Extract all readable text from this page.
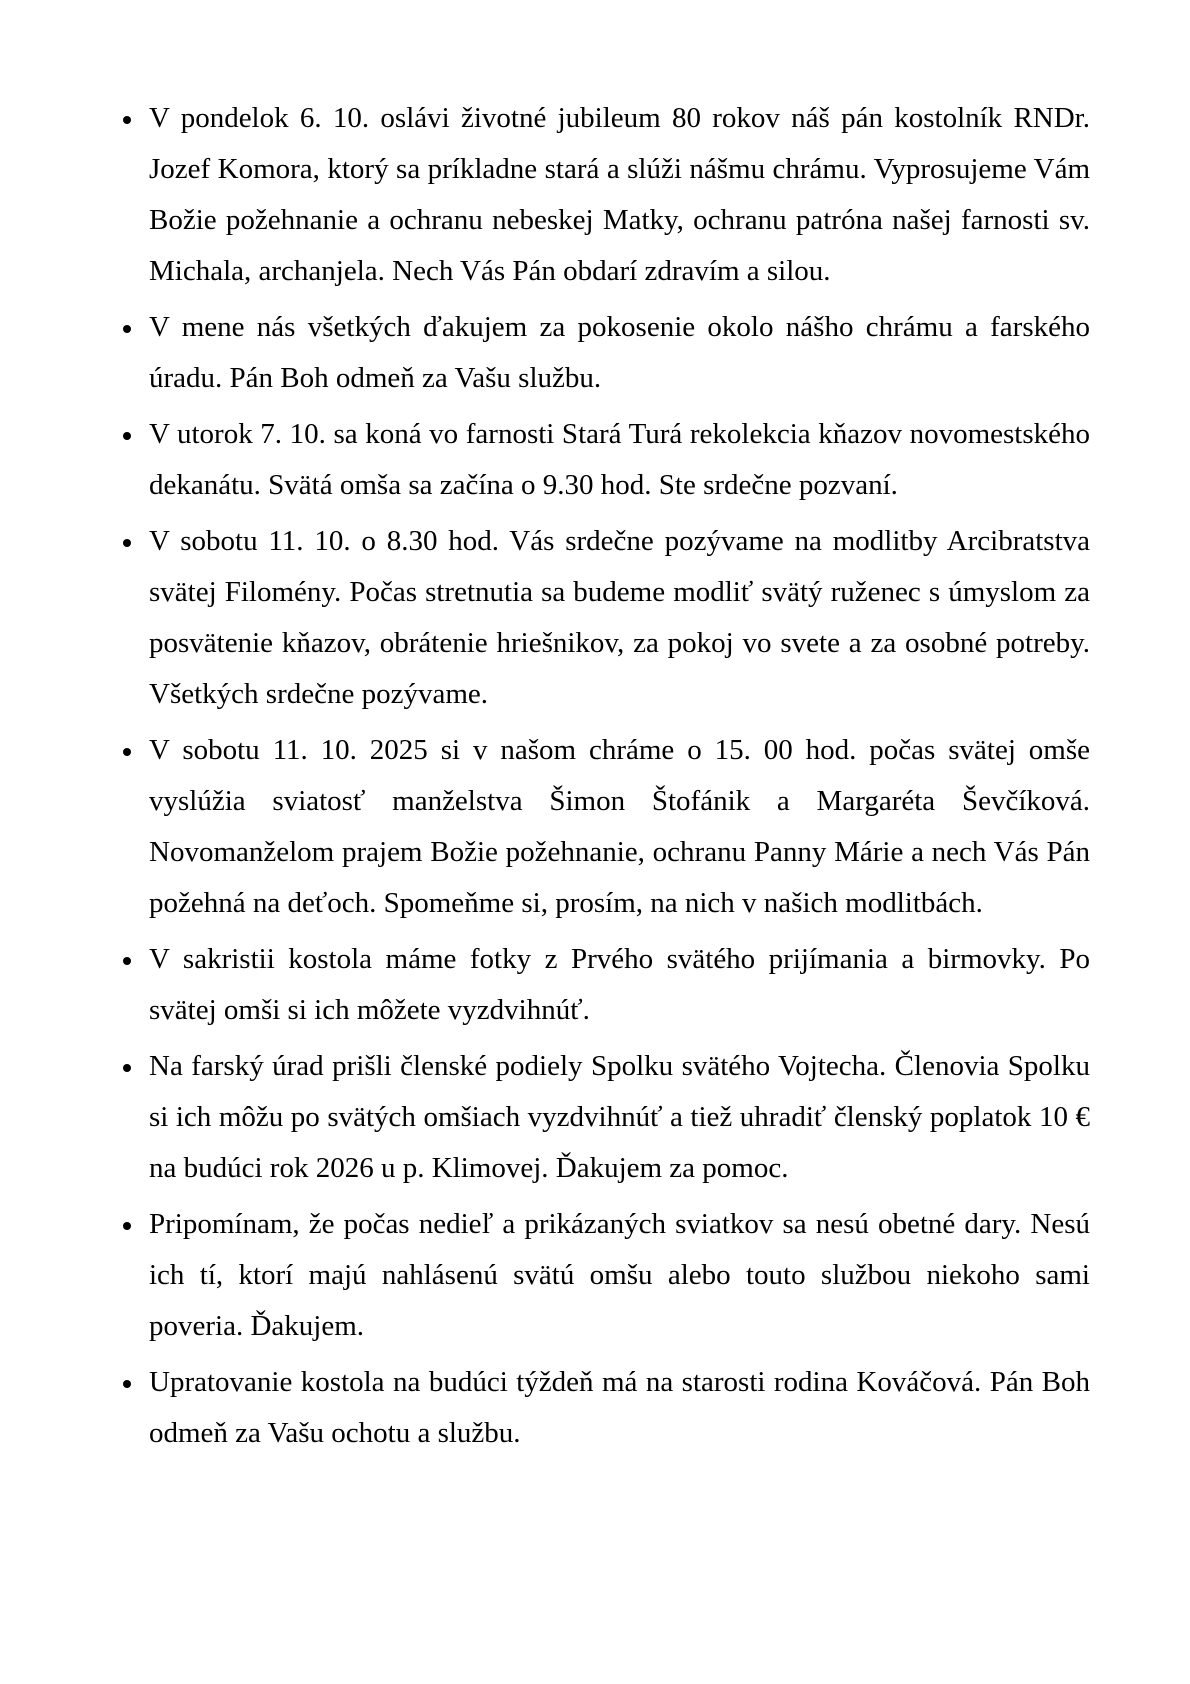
• V pondelok 6. 10. oslávi životné jubileum 80 rokov náš pán kostolník RNDr. Jozef Komora, ktorý sa príkladne stará a slúži nášmu chrámu. Vyprosujeme Vám Božie požehnanie a ochranu nebeskej Matky, ochranu patróna našej farnosti sv. Michala, archanjela. Nech Vás Pán obdarí zdravím a silou.
• V mene nás všetkých ďakujem za pokosenie okolo nášho chrámu a farského úradu. Pán Boh odmeň za Vašu službu.
• V utorok 7. 10. sa koná vo farnosti Stará Turá rekolekcia kňazov novomestského dekanátu. Svätá omša sa začína o 9.30 hod. Ste srdečne pozvaní.
• V sobotu 11. 10. o 8.30 hod. Vás srdečne pozývame na modlitby Arcibratstva svätej Filomény. Počas stretnutia sa budeme modliť svätý ruženec s úmyslom za posvätenie kňazov, obrátenie hriešnikov, za pokoj vo svete a za osobné potreby. Všetkých srdečne pozývame.
• V sobotu 11. 10. 2025 si v našom chráme o 15. 00 hod. počas svätej omše vyslúžia sviatosť manželstva Šimon Štofánik a Margaréta Ševčíková. Novomanželom prajem Božie požehnanie, ochranu Panny Márie a nech Vás Pán požehná na deťoch. Spomeňme si, prosím, na nich v našich modlitbách.
• V sakristii kostola máme fotky z Prvého svätého prijímania a birmovky. Po svätej omši si ich môžete vyzdvihnúť.
• Na farský úrad prišli členské podiely Spolku svätého Vojtecha. Členovia Spolku si ich môžu po svätých omšiach vyzdvihnúť a tiež uhradiť členský poplatok 10 € na budúci rok 2026 u p. Klimovej. Ďakujem za pomoc.
• Pripomínam, že počas nedieľ a prikázaných sviatkov sa nesú obetné dary. Nesú ich tí, ktorí majú nahlásenú svätú omšu alebo touto službou niekoho sami poveria. Ďakujem.
• Upratovanie kostola na budúci týždeň má na starosti rodina Kováčová. Pán Boh odmeň za Vašu ochotu a službu.
